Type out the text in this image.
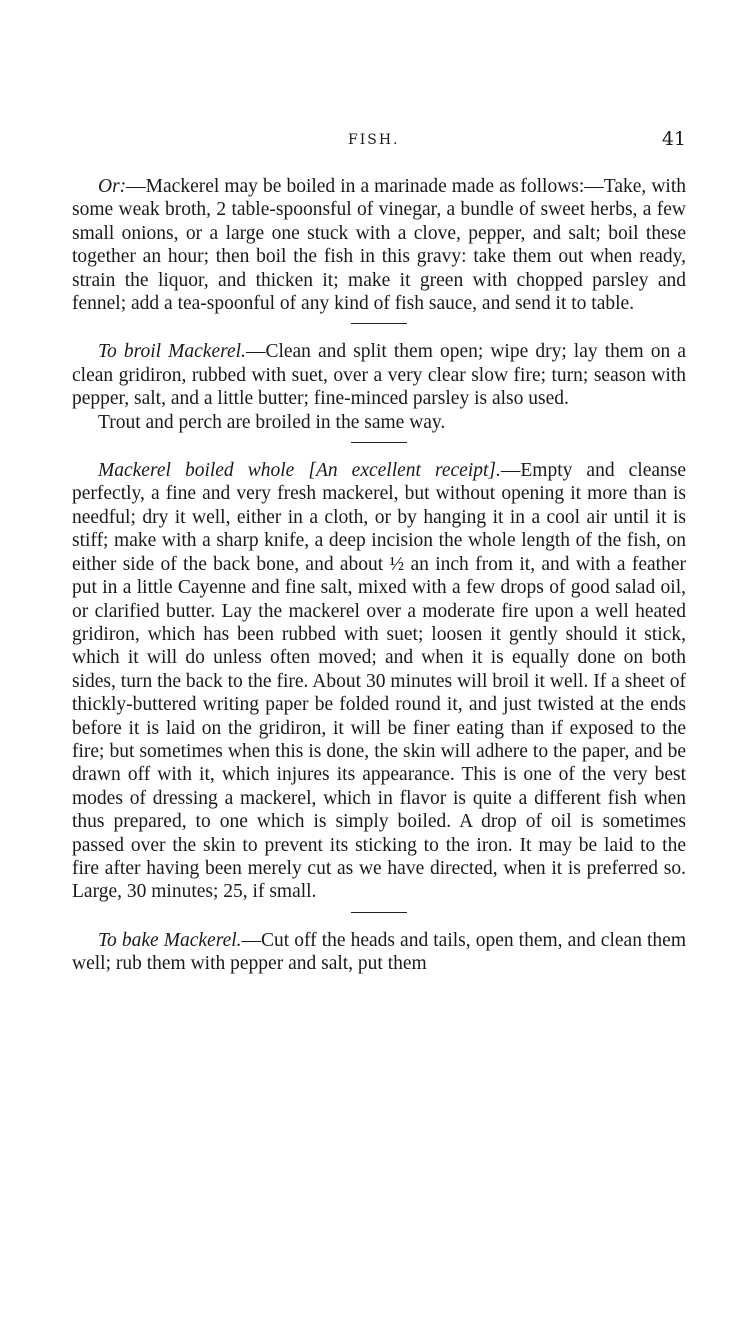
FISH.	41

Or:—Mackerel may be boiled in a marinade made as follows:—Take, with some weak broth, 2 table-spoonsful of vinegar, a bundle of sweet herbs, a few small onions, or a large one stuck with a clove, pepper, and salt; boil these together an hour; then boil the fish in this gravy: take them out when ready, strain the liquor, and thicken it; make it green with chopped parsley and fennel; add a tea-spoonful of any kind of fish sauce, and send it to table.

To broil Mackerel.—Clean and split them open; wipe dry; lay them on a clean gridiron, rubbed with suet, over a very clear slow fire; turn; season with pepper, salt, and a little butter; fine-minced parsley is also used.

Trout and perch are broiled in the same way.

Mackerel boiled whole [An excellent receipt].—Empty and cleanse perfectly, a fine and very fresh mackerel, but without opening it more than is needful; dry it well, either in a cloth, or by hanging it in a cool air until it is stiff; make with a sharp knife, a deep incision the whole length of the fish, on either side of the back bone, and about ½ an inch from it, and with a feather put in a little Cayenne and fine salt, mixed with a few drops of good salad oil, or clarified butter. Lay the mackerel over a moderate fire upon a well heated gridiron, which has been rubbed with suet; loosen it gently should it stick, which it will do unless often moved; and when it is equally done on both sides, turn the back to the fire. About 30 minutes will broil it well. If a sheet of thickly-buttered writing paper be folded round it, and just twisted at the ends before it is laid on the gridiron, it will be finer eating than if exposed to the fire; but sometimes when this is done, the skin will adhere to the paper, and be drawn off with it, which injures its appearance. This is one of the very best modes of dressing a mackerel, which in flavor is quite a different fish when thus prepared, to one which is simply boiled. A drop of oil is sometimes passed over the skin to prevent its sticking to the iron. It may be laid to the fire after having been merely cut as we have directed, when it is preferred so. Large, 30 minutes; 25, if small.

To bake Mackerel.—Cut off the heads and tails, open them, and clean them well; rub them with pepper and salt, put them
